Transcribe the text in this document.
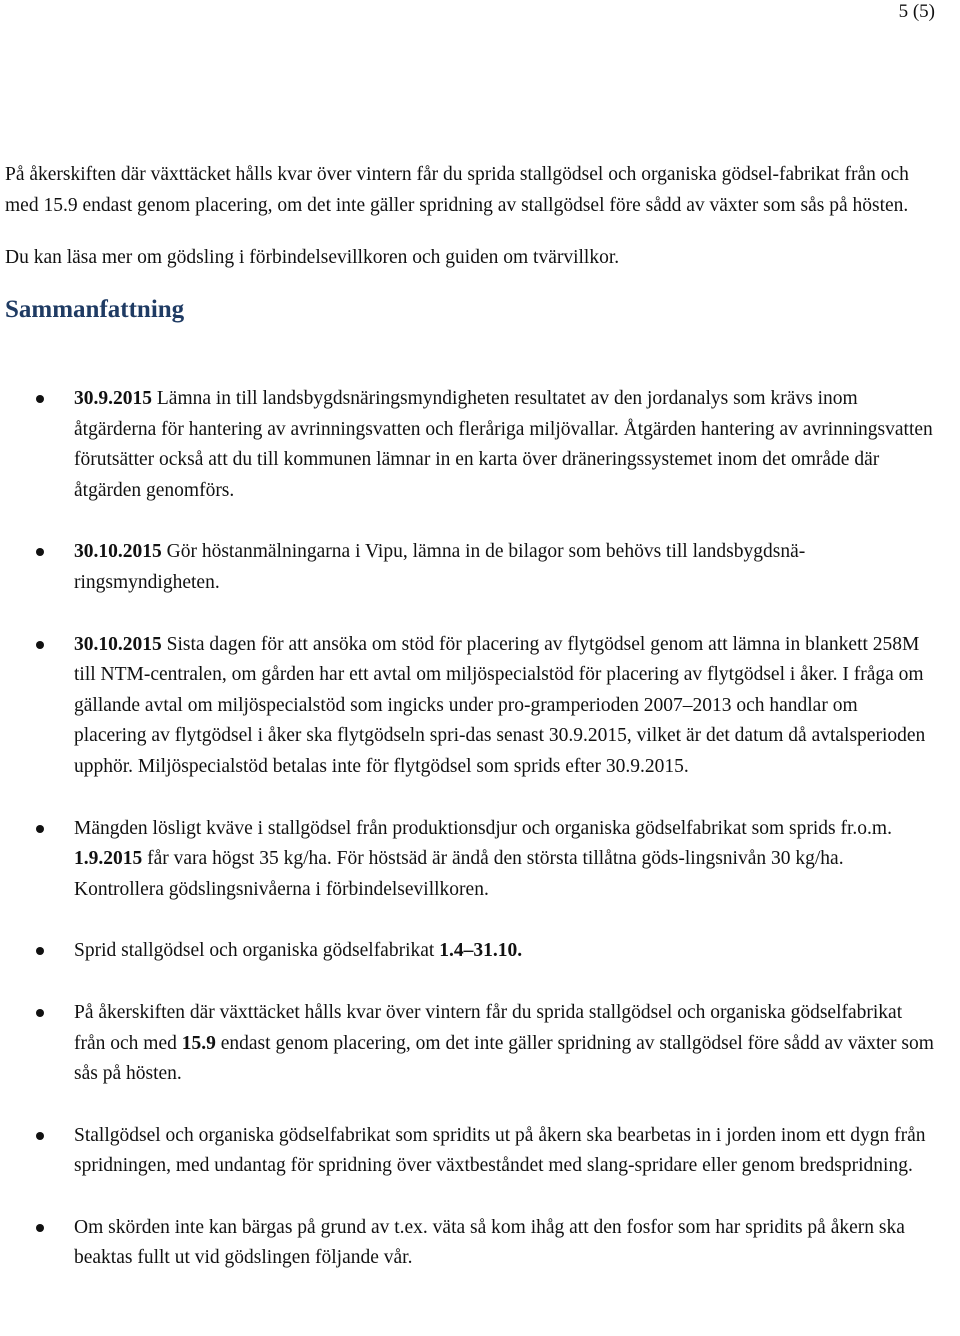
5 (5)

På åkerskiften där växttäcket hålls kvar över vintern får du sprida stallgödsel och organiska gödsel-fabrikat från och med 15.9 endast genom placering, om det inte gäller spridning av stallgödsel före sådd av växter som sås på hösten.

Du kan läsa mer om gödsling i förbindelsevillkoren och guiden om tvärvillkor.

Sammanfattning
30.9.2015 Lämna in till landsbygdsnäringsmyndigheten resultatet av den jordanalys som krävs inom åtgärderna för hantering av avrinningsvatten och fleråriga miljövallar. Åtgärden hantering av avrinningsvatten förutsätter också att du till kommunen lämnar in en karta över dräneringssystemet inom det område där åtgärden genomförs.
30.10.2015 Gör höstanmälningarna i Vipu, lämna in de bilagor som behövs till landsbygdsnä-ringsmyndigheten.
30.10.2015 Sista dagen för att ansöka om stöd för placering av flytgödsel genom att lämna in blankett 258M till NTM-centralen, om gården har ett avtal om miljöspecialstöd för placering av flytgödsel i åker. I fråga om gällande avtal om miljöspecialstöd som ingicks under pro-gramperioden 2007–2013 och handlar om placering av flytgödsel i åker ska flytgödseln spri-das senast 30.9.2015, vilket är det datum då avtalsperioden upphör. Miljöspecialstöd betalas inte för flytgödsel som sprids efter 30.9.2015.
Mängden lösligt kväve i stallgödsel från produktionsdjur och organiska gödselfabrikat som sprids fr.o.m. 1.9.2015 får vara högst 35 kg/ha. För höstsäd är ändå den största tillåtna göds-lingsnivån 30 kg/ha. Kontrollera gödslingsnivåerna i förbindelsevillkoren.
Sprid stallgödsel och organiska gödselfabrikat 1.4–31.10.
På åkerskiften där växttäcket hålls kvar över vintern får du sprida stallgödsel och organiska gödselfabrikat från och med 15.9 endast genom placering, om det inte gäller spridning av stallgödsel före sådd av växter som sås på hösten.
Stallgödsel och organiska gödselfabrikat som spridits ut på åkern ska bearbetas in i jorden inom ett dygn från spridningen, med undantag för spridning över växtbeståndet med slang-spridare eller genom bredspridning.
Om skörden inte kan bärgas på grund av t.ex. väta så kom ihåg att den fosfor som har spridits på åkern ska beaktas fullt ut vid gödslingen följande vår.
